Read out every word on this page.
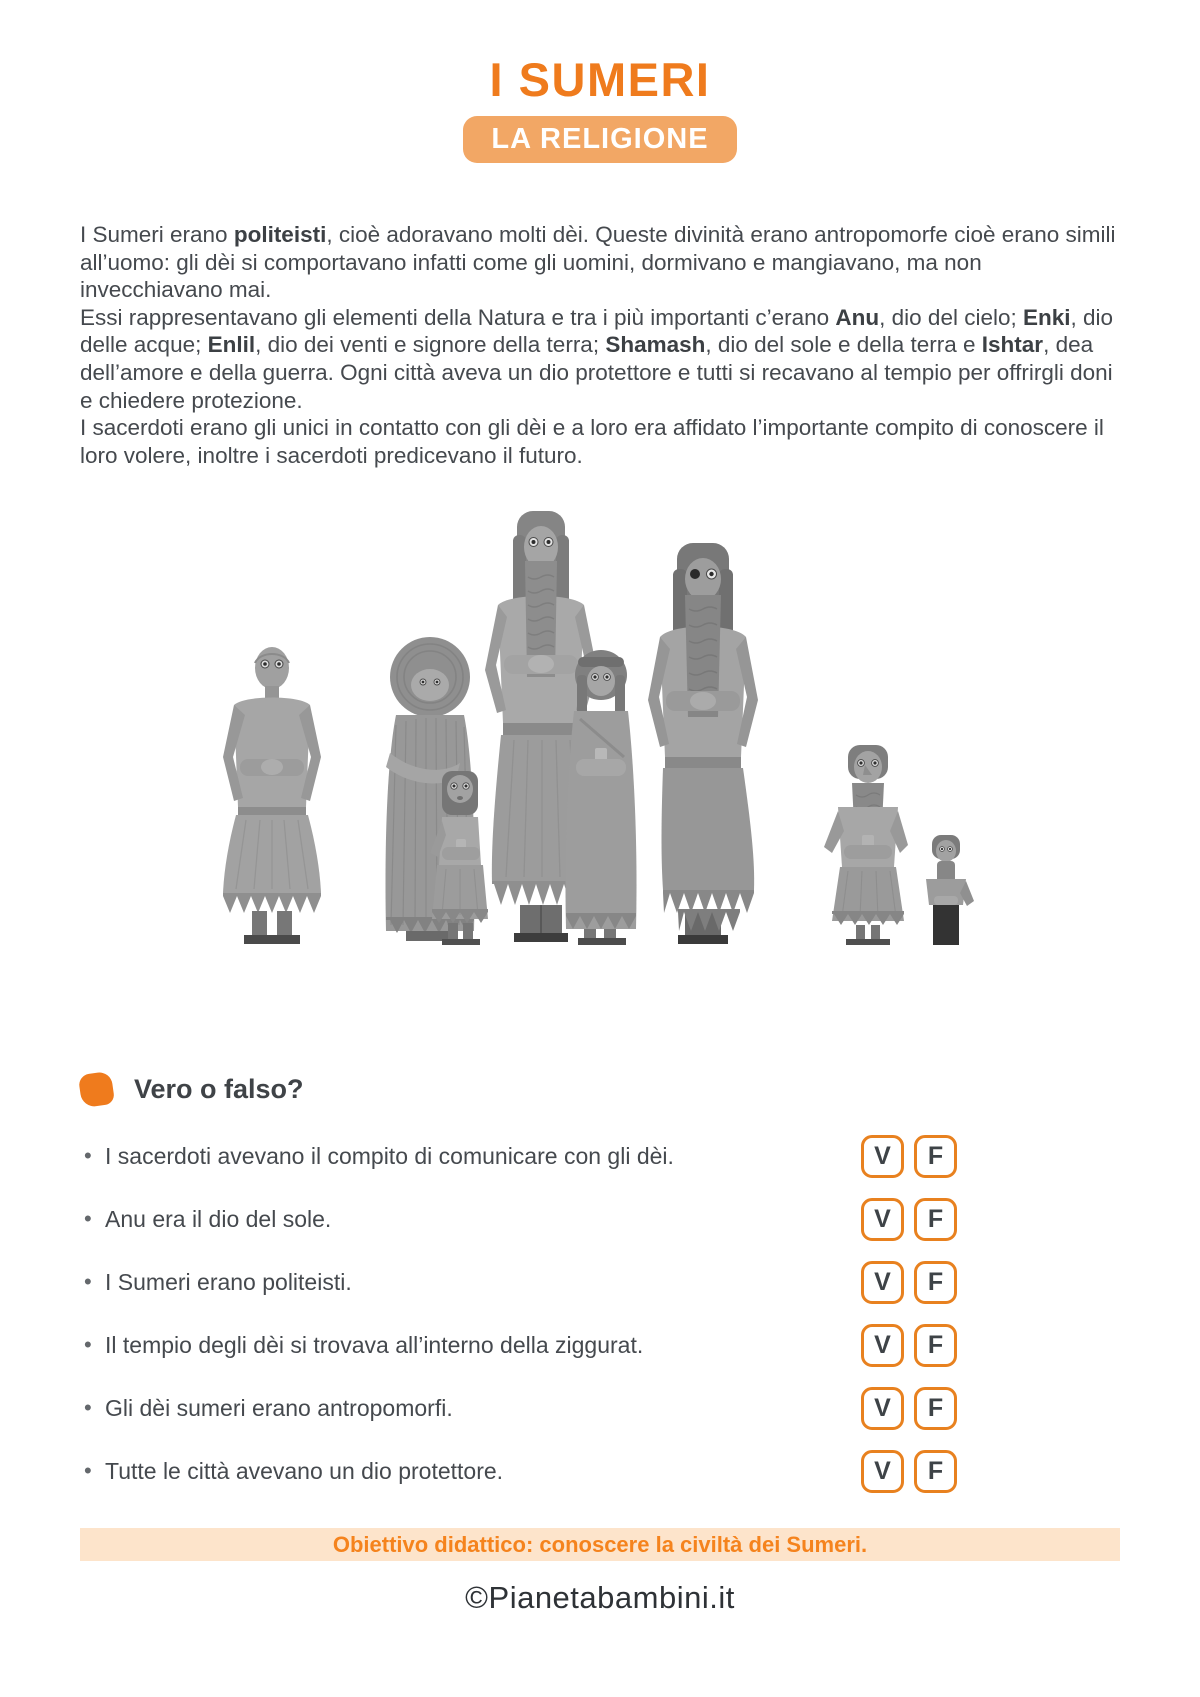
I SUMERI
LA RELIGIONE

I Sumeri erano politeisti, cioè adoravano molti dèi. Queste divinità erano antropomorfe cioè erano simili all’uomo: gli dèi si comportavano infatti come gli uomini, dormivano e mangiavano, ma non invecchiavano mai.

Essi rappresentavano gli elementi della Natura e tra i più importanti c’erano Anu, dio del cielo; Enki, dio delle acque; Enlil, dio dei venti e signore della terra; Shamash, dio del sole e della terra e Ishtar, dea dell’amore e della guerra. Ogni città aveva un dio protettore e tutti si recavano al tempio per offrirgli doni e chiedere protezione.

I sacerdoti erano gli unici in contatto con gli dèi e a loro era affidato l’importante compito di conoscere il loro volere, inoltre i sacerdoti predicevano il futuro.

Vero o falso?
• I sacerdoti avevano il compito di comunicare con gli dèi.	V	F
• Anu era il dio del sole.	V	F
• I Sumeri erano politeisti.	V	F
• Il tempio degli dèi si trovava all’interno della ziggurat.	V	F
• Gli dèi sumeri erano antropomorfi.	V	F
• Tutte le città avevano un dio protettore.	V	F
Obiettivo didattico: conoscere la civiltà dei Sumeri.
©Pianetabambini.it
